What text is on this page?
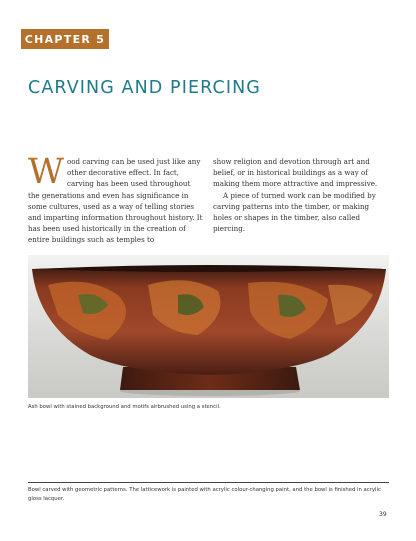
CHAPTER 5
CARVING AND PIERCING

Wood carving can be used just like any other decorative effect. In fact, carving has been used throughout the generations and even has significance in some cultures, used as a way of telling stories and imparting information throughout history. It has been used historically in the creation of entire buildings such as temples to

show religion and devotion through art and belief, or in historical buildings as a way of making them more attractive and impressive.

A piece of turned work can be modified by carving patterns into the timber, or making holes or shapes in the timber, also called piercing.

Ash bowl with stained background and motifs airbrushed using a stencil.
Bowl carved with geometric patterns. The latticework is painted with acrylic colour-changing paint, and the bowl is finished in acrylic gloss lacquer.
39
